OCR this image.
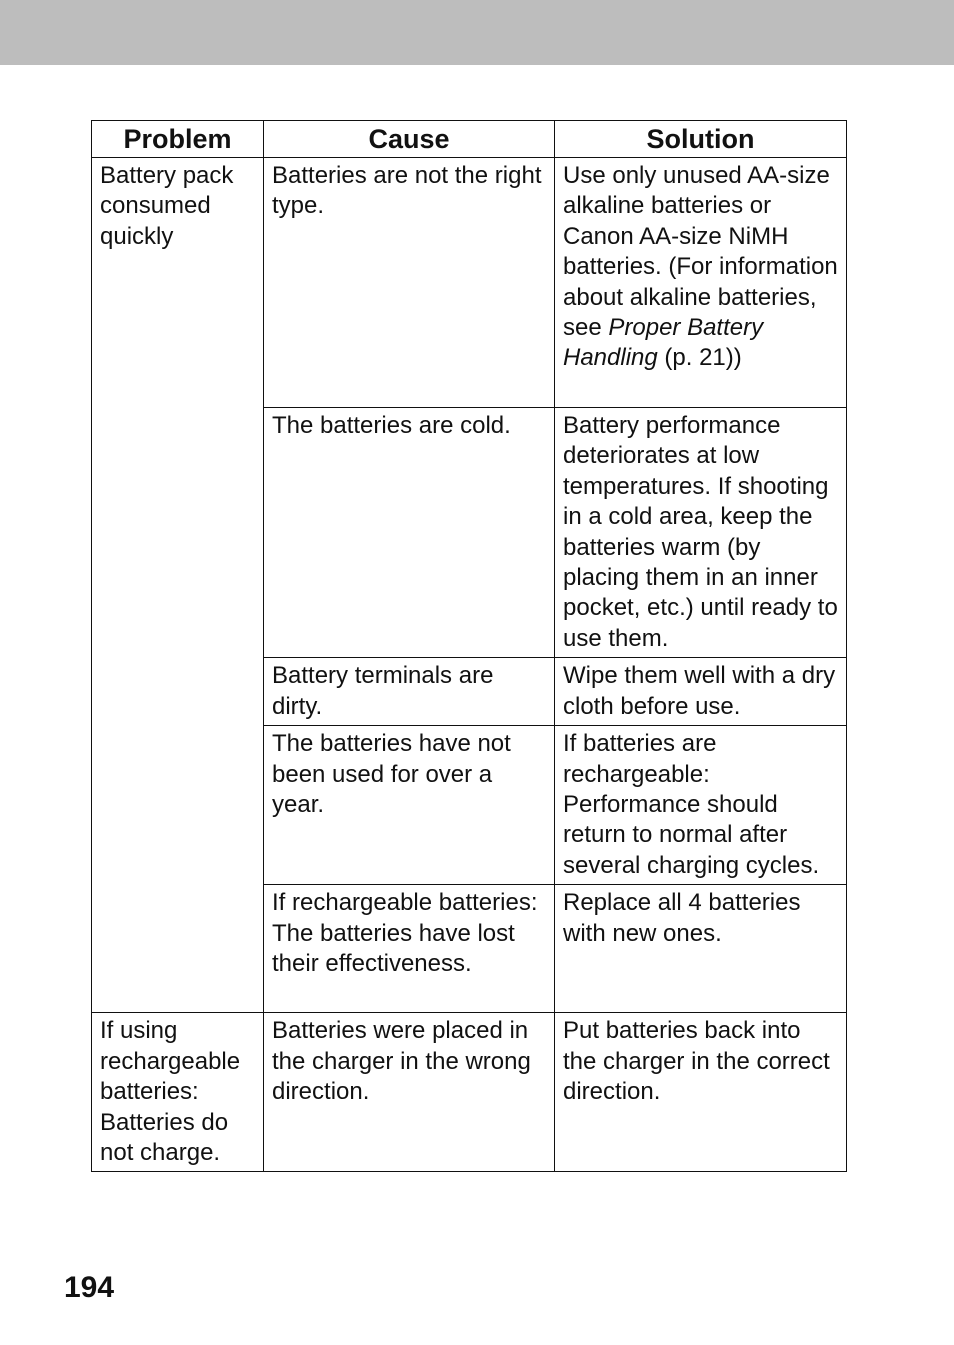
Problem	Cause	Solution
Battery pack consumed quickly	Batteries are not the right type.	Use only unused AA-size alkaline batteries or Canon AA-size NiMH batteries. (For information about alkaline batteries, see Proper Battery Handling (p. 21))
	The batteries are cold.	Battery performance deteriorates at low temperatures. If shooting in a cold area, keep the batteries warm (by placing them in an inner pocket, etc.) until ready to use them.
	Battery terminals are dirty.	Wipe them well with a dry cloth before use.
	The batteries have not been used for over a year.	If batteries are rechargeable: Performance should return to normal after several charging cycles.
	If rechargeable batteries: The batteries have lost their effectiveness.	Replace all 4 batteries with new ones.
If using rechargeable batteries: Batteries do not charge.	Batteries were placed in the charger in the wrong direction.	Put batteries back into the charger in the correct direction.
194
